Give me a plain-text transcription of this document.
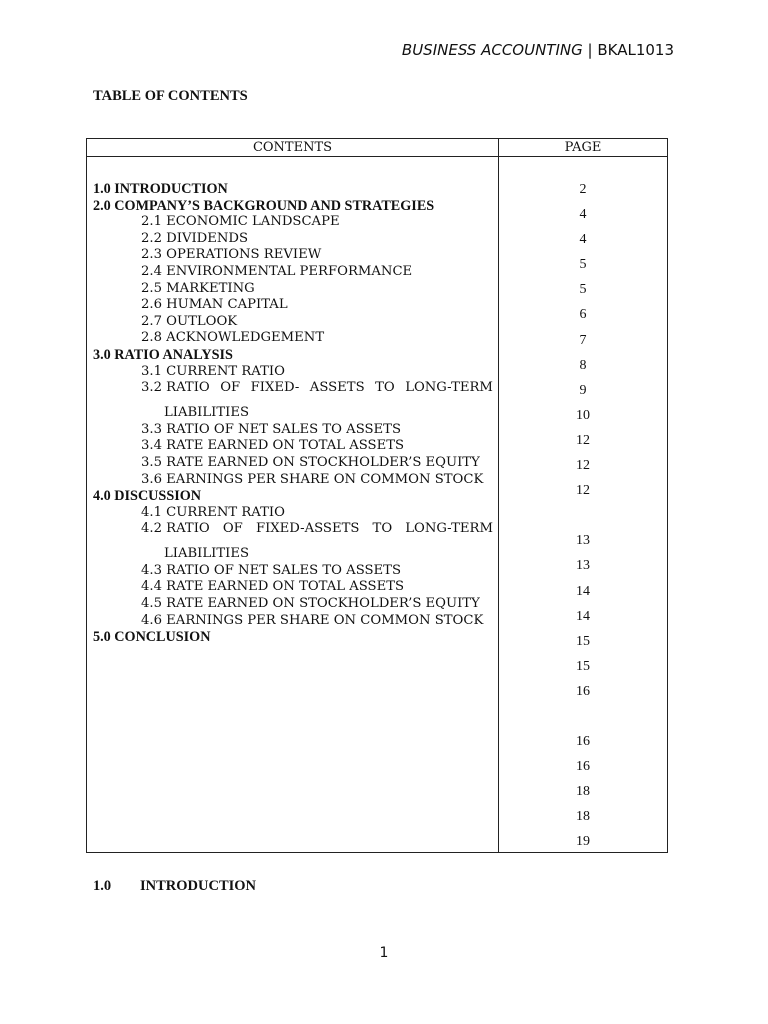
BUSINESS ACCOUNTING | BKAL1013
TABLE OF CONTENTS
CONTENTS	PAGE
1.0 INTRODUCTION
2.0 COMPANY’S BACKGROUND AND STRATEGIES
2.1 ECONOMIC LANDSCAPE
2.2 DIVIDENDS
2.3 OPERATIONS REVIEW
2.4 ENVIRONMENTAL PERFORMANCE
2.5 MARKETING
2.6 HUMAN CAPITAL
2.7 OUTLOOK
2.8 ACKNOWLEDGEMENT
3.0 RATIO ANALYSIS
3.1 CURRENT RATIO
3.2 RATIO OF FIXED- ASSETS TO LONG-TERM
LIABILITIES
3.3 RATIO OF NET SALES TO ASSETS
3.4 RATE EARNED ON TOTAL ASSETS
3.5 RATE EARNED ON STOCKHOLDER’S EQUITY
3.6 EARNINGS PER SHARE ON COMMON STOCK
4.0 DISCUSSION
4.1 CURRENT RATIO
4.2 RATIO OF FIXED-ASSETS TO LONG-TERM
LIABILITIES
4.3 RATIO OF NET SALES TO ASSETS
4.4 RATE EARNED ON TOTAL ASSETS
4.5 RATE EARNED ON STOCKHOLDER’S EQUITY
4.6 EARNINGS PER SHARE ON COMMON STOCK
5.0 CONCLUSION
2
4
4
5
5
6
7
8
9
10
12
12
12
13
13
14
14
15
15
16
16
16
18
18
19
1.0 INTRODUCTION
1
